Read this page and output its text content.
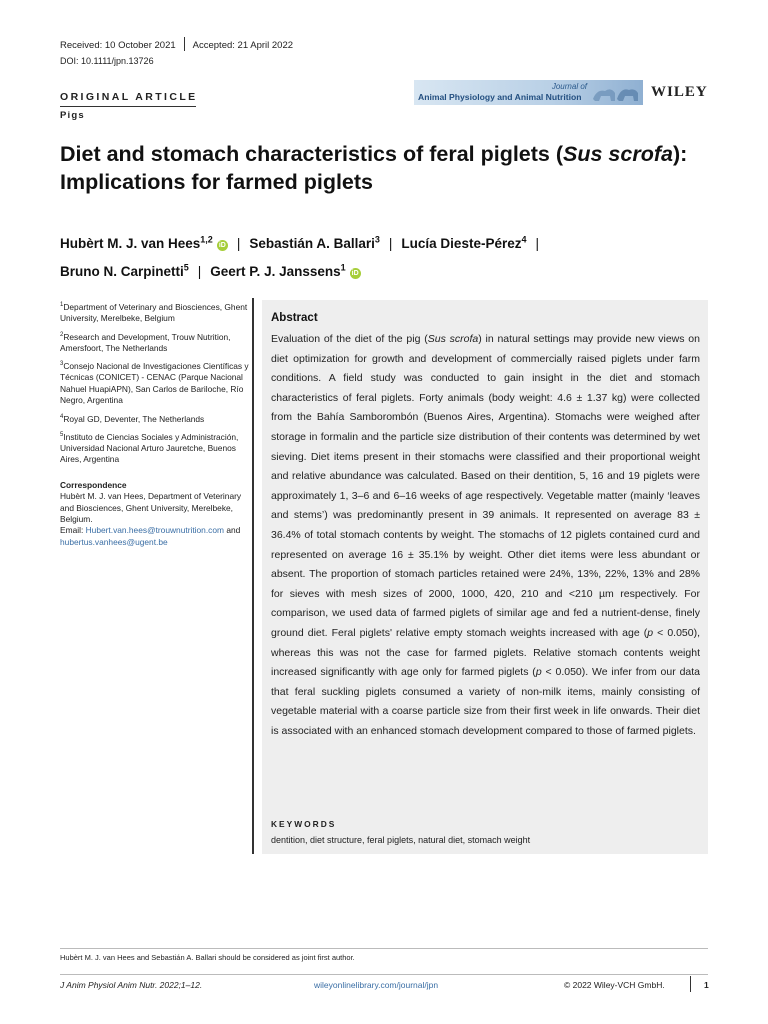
Received: 10 October 2021 Accepted: 21 April 2022
DOI: 10.1111/jpn.13726
ORIGINAL ARTICLE
Pigs
Journal of
Animal Physiology and Animal Nutrition	WILEY
Diet and stomach characteristics of feral piglets (Sus scrofa): Implications for farmed piglets
Hubèrt M. J. van Hees$^{1,2}$iD | Sebastián A. Ballari$^3$ | Lucía Dieste-Pérez$^4$ |
Bruno N. Carpinetti$^5$ | Geert P. J. Janssens$^1$iD
$^1$Department of Veterinary and Biosciences, Ghent University, Merelbeke, Belgium
$^2$Research and Development, Trouw Nutrition, Amersfoort, The Netherlands
$^3$Consejo Nacional de Investigaciones Científicas y Técnicas (CONICET) - CENAC (Parque Nacional Nahuel HuapiAPN), San Carlos de Bariloche, Río Negro, Argentina
$^4$Royal GD, Deventer, The Netherlands
$^5$Instituto de Ciencias Sociales y Administración, Universidad Nacional Arturo Jauretche, Buenos Aires, Argentina
Correspondence
Hubèrt M. J. van Hees, Department of Veterinary and Biosciences, Ghent University, Merelbeke, Belgium.
Email: Hubert.van.hees@trouwnutrition.com and hubertus.vanhees@ugent.be
Abstract
Evaluation of the diet of the pig (Sus scrofa) in natural settings may provide new views on diet optimization for growth and development of commercially raised piglets under farm conditions. A field study was conducted to gain insight in the diet and stomach characteristics of feral piglets. Forty animals (body weight: 4.6 ± 1.37 kg) were collected from the Bahía Samborombón (Buenos Aires, Argentina). Stomachs were weighed after storage in formalin and the particle size distribution of their contents was determined by wet sieving. Diet items present in their stomachs were classified and their proportional weight and relative abundance was calculated. Based on their dentition, 5, 16 and 19 piglets were approximately 1, 3–6 and 6–16 weeks of age respectively. Vegetable matter (mainly ‘leaves and stems’) was predominantly present in 39 animals. It represented on average 83 ± 36.4% of total stomach contents by weight. The stomachs of 12 piglets contained curd and represented on average 16 ± 35.1% by weight. Other diet items were less abundant or absent. The proportion of stomach particles retained were 24%, 13%, 22%, 13% and 28% for sieves with mesh sizes of 2000, 1000, 420, 210 and <210 µm respectively. For comparison, we used data of farmed piglets of similar age and fed a nutrient-dense, finely ground diet. Feral piglets' relative empty stomach weights increased with age (p < 0.050), whereas this was not the case for farmed piglets. Relative stomach contents weight increased significantly with age only for farmed piglets (p < 0.050). We infer from our data that feral suckling piglets consumed a variety of non-milk items, mainly consisting of vegetable material with a coarse particle size from their first week in life onwards. Their diet is associated with an enhanced stomach development compared to those of farmed piglets.
KEYWORDS
dentition, diet structure, feral piglets, natural diet, stomach weight
Hubèrt M. J. van Hees and Sebastián A. Ballari should be considered as joint first author.
J Anim Physiol Anim Nutr. 2022;1–12.	wileyonlinelibrary.com/journal/jpn	© 2022 Wiley-VCH GmbH.	1
